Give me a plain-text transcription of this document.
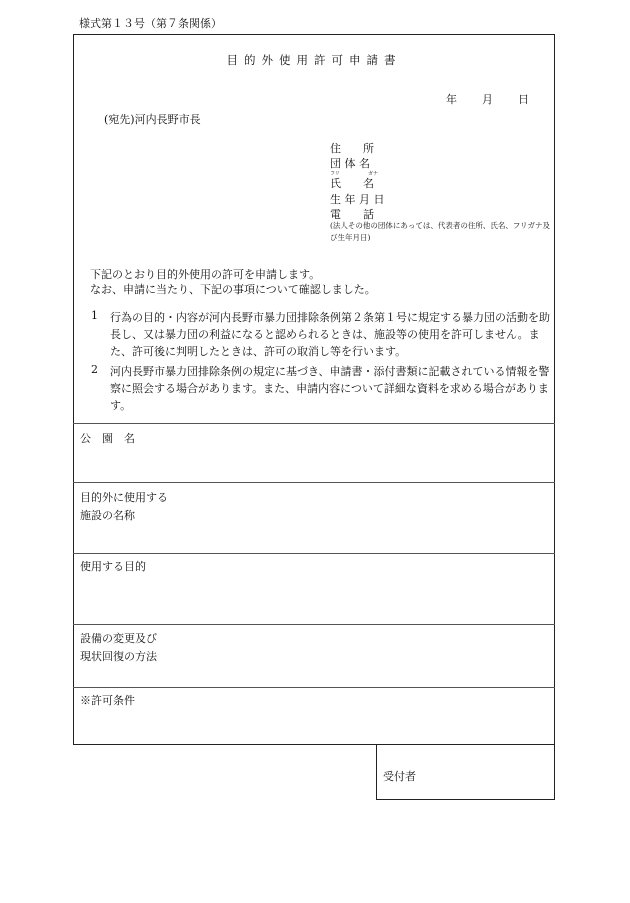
様式第１３号（第７条関係）
目的外使用許可申請書
年 月 日
(宛先)河内長野市長
住　　所
団 体 名
フリ	ガナ
氏　　名
生 年 月 日
電　　話
(法人その他の団体にあっては、代表者の住所、氏名、フリガナ及び生年月日)
下記のとおり目的外使用の許可を申請します。
なお、申請に当たり、下記の事項について確認しました。
1 行為の目的・内容が河内長野市暴力団排除条例第２条第１号に規定する暴力団の活動を助長し、又は暴力団の利益になると認められるときは、施設等の使用を許可しません。また、許可後に判明したときは、許可の取消し等を行います。
2 河内長野市暴力団排除条例の規定に基づき、申請書・添付書類に記載されている情報を警察に照会する場合があります。また、申請内容について詳細な資料を求める場合があります。
公　園　名
目的外に使用する
施設の名称
使用する目的
設備の変更及び
現状回復の方法
※許可条件
受付者
